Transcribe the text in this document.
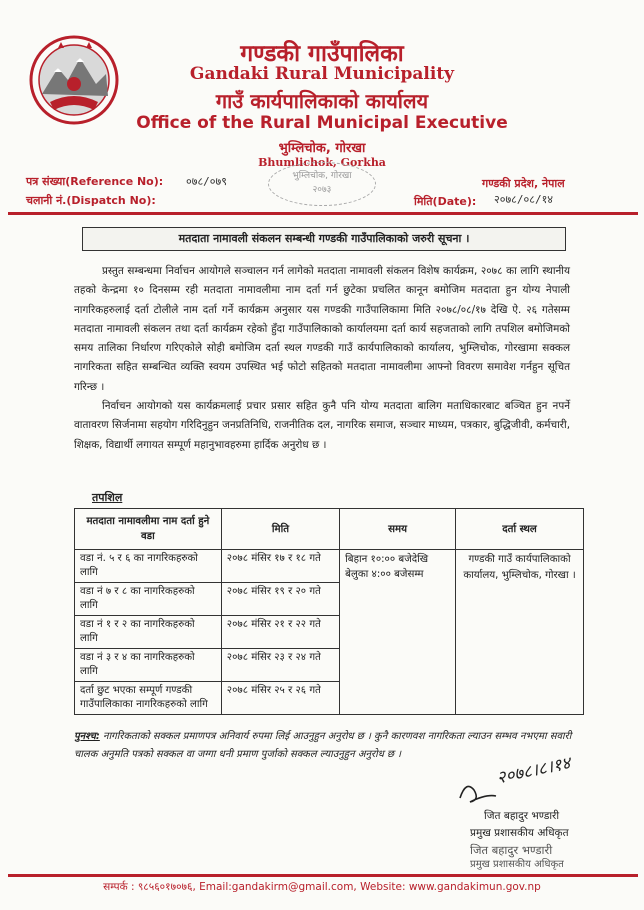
गण्डकी गाउँपालिका
Gandaki Rural Municipality
गाउँ कार्यपालिकाको कार्यालय
Office of the Rural Municipal Executive
भुम्लिचोक, गोरखा
Bhumlichok, Gorkha
भुम्लिचोक, गोरखा
२०७३
पत्र संख्या(Reference No): ०७८/०७९
चलानी नं.(Dispatch No):
गण्डकी प्रदेश, नेपाल
मिति(Date): २०७८/०८/१४
मतदाता नामावली संकलन सम्बन्धी गण्डकी गाउँपालिकाको जरुरी सूचना ।

प्रस्तुत सम्बन्धमा निर्वाचन आयोगले सञ्चालन गर्न लागेको मतदाता नामावली संकलन विशेष कार्यक्रम, २०७८ का लागि स्थानीय तहको केन्द्रमा १० दिनसम्म रही मतदाता नामावलीमा नाम दर्ता गर्न छुटेका प्रचलित कानून बमोजिम मतदाता हुन योग्य नेपाली नागरिकहरुलाई दर्ता टोलीले नाम दर्ता गर्ने कार्यक्रम अनुसार यस गण्डकी गाउँपालिकामा मिति २०७८/०८/१७ देखि ऐ. २६ गतेसम्म मतदाता नामावली संकलन तथा दर्ता कार्यक्रम रहेको हुँदा गाउँपालिकाको कार्यालयमा दर्ता कार्य सहजताको लागि तपशिल बमोजिमको समय तालिका निर्धारण गरिएकोले सोही बमोजिम दर्ता स्थल गण्डकी गाउँ कार्यपालिकाको कार्यालय, भुम्लिचोक, गोरखामा सक्कल नागरिकता सहित सम्बन्धित व्यक्ति स्वयम उपस्थित भई फोटो सहितको मतदाता नामावलीमा आफ्नो विवरण समावेश गर्नहुन सूचित गरिन्छ ।

निर्वाचन आयोगको यस कार्यक्रमलाई प्रचार प्रसार सहित कुनै पनि योग्य मतदाता बालिग मताधिकारबाट बञ्चित हुन नपर्ने वातावरण सिर्जनामा सहयोग गरिदिनुहुन जनप्रतिनिधि, राजनीतिक दल, नागरिक समाज, सञ्चार माध्यम, पत्रकार, बुद्धिजीवी, कर्मचारी, शिक्षक, विद्यार्थी लगायत सम्पूर्ण महानुभावहरुमा हार्दिक अनुरोध छ ।

तपशिल
मतदाता नामावलीमा नाम दर्ता हुने वडा	मिति	समय	दर्ता स्थल
वडा नं. ५ र ६ का नागरिकहरुको लागि	२०७८ मंसिर १७ र १८ गते	बिहान १०:०० बजेदेखि बेलुका ४:०० बजेसम्म	गण्डकी गाउँ कार्यपालिकाको कार्यालय, भुम्लिचोक, गोरखा ।
वडा नं ७ र ८ का नागरिकहरुको लागि	२०७८ मंसिर १९ र २० गते		
वडा नं १ र २ का नागरिकहरुको लागि	२०७८ मंसिर २१ र २२ गते		
वडा नं ३ र ४ का नागरिकहरुको लागि	२०७८ मंसिर २३ र २४ गते		
दर्ता छुट भएका सम्पूर्ण गण्डकी गाउँपालिकाका नागरिकहरुको लागि	२०७८ मंसिर २५ र २६ गते		
पुनश्च: नागरिकताको सक्कल प्रमाणपत्र अनिवार्य रुपमा लिई आउनुहुन अनुरोध छ । कुनै कारणवश नागरिकता ल्याउन सम्भव नभएमा सवारी चालक अनुमति पत्रको सक्कल वा जग्गा धनी प्रमाण पुर्जाको सक्कल ल्याउनुहुन अनुरोध छ ।	२०७८।८।१४
जित बहादुर भण्डारी
प्रमुख प्रशासकीय अधिकृत
जित बहादुर भण्डारी
प्रमुख प्रशासकीय अधिकृत
सम्पर्क : ९८५६०१७०७६, Email:gandakirm@gmail.com, Website: www.gandakimun.gov.np
